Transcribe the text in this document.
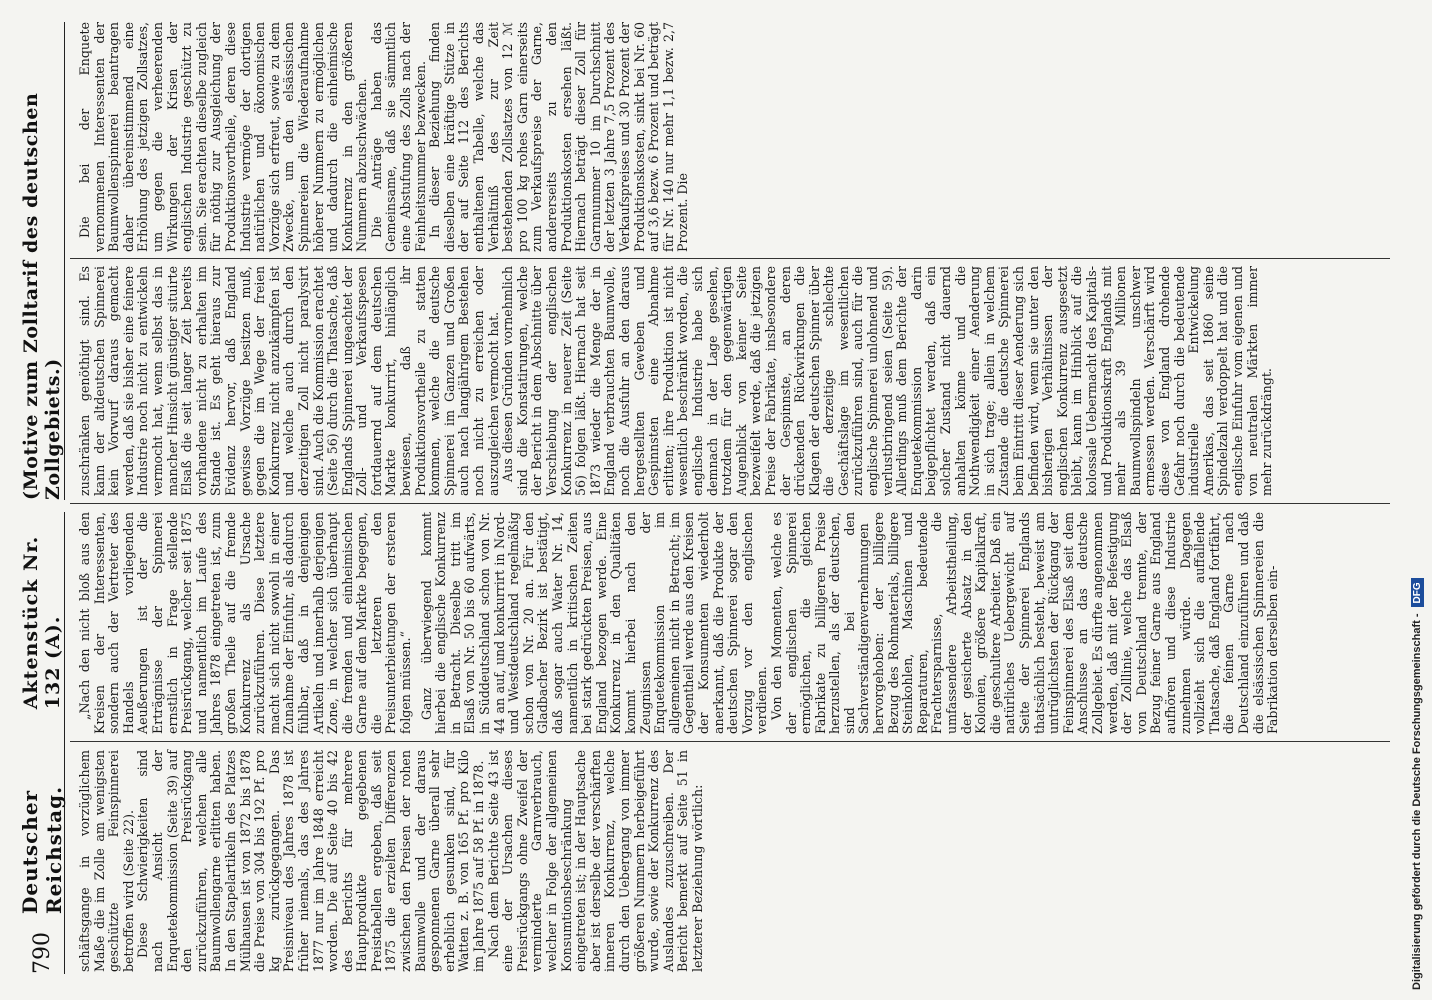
790
Deutscher Reichstag.
Aktenstück Nr. 132 (A).
(Motive zum Zolltarif des deutschen Zollgebiets.)

schäftsgange in vorzüglichem Maße die im Zolle am wenigsten geschützte Feinspinnerei betroffen wird (Seite 22). Diese Schwierigkeiten sind nach Ansicht der Enquetekommission (Seite 39) auf den Preisrückgang zurückzuführen, welchen alle Baumwollengarne erlitten haben. In den Stapelartikeln des Platzes Mülhausen ist von 1872 bis 1878 die Preise von 304 bis 192 Pf. pro kg zurückgegangen. Das Preisniveau des Jahres 1878 ist früher niemals, das des Jahres 1877 nur im Jahre 1848 erreicht worden. Die auf Seite 40 bis 42 des Berichts für mehrere Hauptprodukte gegebenen Preistabellen ergeben, daß seit 1875 die erzielten Differenzen zwischen den Preisen der rohen Baumwolle und der daraus gesponnenen Garne überall sehr erheblich gesunken sind, für Watten z. B. von 165 Pf. pro Kilo im Jahre 1875 auf 58 Pf. in 1878. Nach dem Berichte Seite 43 ist eine der Ursachen dieses Preisrückgangs ohne Zweifel der verminderte Garnverbrauch, welcher in Folge der allgemeinen Konsumtionsbeschränkung eingetreten ist; in der Hauptsache aber ist derselbe der verschärften inneren Konkurrenz, welche durch den Uebergang von immer größeren Nummern herbeigeführt wurde, sowie der Konkurrenz des Auslandes zuzuschreiben. Der Bericht bemerkt auf Seite 51 in letzterer Beziehung wörtlich:

„Nach den nicht bloß aus den Kreisen der Interessenten, sondern auch der Vertreter des Handels vorliegenden Aeußerungen ist der die Erträgnisse der Spinnerei ernstlich in Frage stellende Preisrückgang, welcher seit 1875 und namentlich im Laufe des Jahres 1878 eingetreten ist, zum großen Theile auf die fremde Konkurrenz als Ursache zurückzuführen. Diese letztere macht sich nicht sowohl in einer Zunahme der Einfuhr, als dadurch fühlbar, daß in denjenigen Artikeln und innerhalb derjenigen Zone, in welcher sich überhaupt die fremden und einheimischen Garne auf dem Markte begegnen, die letzteren den Preisunterbietungen der ersteren folgen müssen.“ Ganz überwiegend kommt hierbei die englische Konkurrenz in Betracht. Dieselbe tritt im Elsaß von Nr. 50 bis 60 aufwärts, in Süddeutschland schon von Nr. 44 an auf, und konkurrirt in Nord- und Westdeutschland regelmäßig schon von Nr. 20 an. Für den Gladbacher Bezirk ist bestätigt, daß sogar auch Water Nr. 14, namentlich in kritischen Zeiten bei stark gedrückten Preisen, aus England bezogen werde. Eine Konkurrenz in den Qualitäten kommt hierbei nach den Zeugnissen der Enquetekommission im allgemeinen nicht in Betracht; im Gegentheil werde aus den Kreisen der Konsumenten wiederholt anerkannt, daß die Produkte der deutschen Spinnerei sogar den Vorzug vor den englischen verdienen. Von den Momenten, welche es der englischen Spinnerei ermöglichen, die gleichen Fabrikate zu billigeren Preise herzustellen, als der deutschen, sind bei den Sachverständigenvernehmungen hervorgehoben: der billigere Bezug des Rohmaterials, billigere Steinkohlen, Maschinen und Reparaturen, bedeutende Frachtersparnisse, die umfassendere Arbeitstheilung, der gesicherte Absatz in den Kolonien, größere Kapitalkraft, die geschultere Arbeiter. Daß ein natürliches Uebergewicht auf Seite der Spinnerei Englands thatsächlich besteht, beweist am untrüglichsten der Rückgang der Feinspinnerei des Elsaß seit dem Anschlusse an das deutsche Zollgebiet. Es dürfte angenommen werden, daß mit der Befestigung der Zolllinie, welche das Elsaß von Deutschland trennte, der Bezug feiner Garne aus England aufhören und diese Industrie zunehmen würde. Dagegen vollzieht sich die auffallende Thatsache, daß England fortfährt, die feinen Garne nach Deutschland einzuführen und daß die elsässischen Spinnereien die Fabrikation derselben ein-

zuschränken genöthigt sind. Es kann der altdeutschen Spinnerei kein Vorwurf daraus gemacht werden, daß sie bisher eine feinere Industrie noch nicht zu entwickeln vermocht hat, wenn selbst das in mancher Hinsicht günstiger situirte Elsaß die seit langer Zeit bereits vorhandene nicht zu erhalten im Stande ist. Es geht hieraus zur Evidenz hervor, daß England gewisse Vorzüge besitzen muß, gegen die im Wege der freien Konkurrenz nicht anzukämpfen ist und welche auch durch den derzeitigen Zoll nicht paralysirt sind. Auch die Kommission erachtet (Seite 56) durch die Thatsache, daß Englands Spinnerei ungeachtet der Zoll- und Verkaufsspesen fortdauernd auf dem deutschen Markte konkurrirt, hinlänglich bewiesen, daß ihr Produktionsvortheile zu statten kommen, welche die deutsche Spinnerei im Ganzen und Großen auch nach langjährigem Bestehen noch nicht zu erreichen oder auszugleichen vermocht hat. Aus diesen Gründen vornehmlich sind die Konstatirungen, welche der Bericht in dem Abschnitte über Verschiebung der englischen Konkurrenz in neuerer Zeit (Seite 56) folgen läßt. Hiernach hat seit 1873 wieder die Menge der in England verbrauchten Baumwolle, noch die Ausfuhr an den daraus hergestellten Geweben und Gespinnsten eine Abnahme erlitten; ihre Produktion ist nicht wesentlich beschränkt worden, die englische Industrie habe sich demnach in der Lage gesehen, trotzdem für den gegenwärtigen Augenblick von keiner Seite bezweifelt werde, daß die jetzigen Preise der Fabrikate, insbesondere der Gespinnste, an deren drückenden Rückwirkungen die Klagen der deutschen Spinner über die derzeitige schlechte Geschäftslage im wesentlichen zurückzuführen sind, auch für die englische Spinnerei unlohnend und verlustbringend seien (Seite 59). Allerdings muß dem Berichte der Enquetekommission darin beigepflichtet werden, daß ein solcher Zustand nicht dauernd anhalten könne und die Nothwendigkeit einer Aenderung in sich trage; allein in welchem Zustande die deutsche Spinnerei beim Eintritt dieser Aenderung sich befinden wird, wenn sie unter den bisherigen Verhältnissen der englischen Konkurrenz ausgesetzt bleibt, kann im Hinblick auf die kolossale Uebermacht des Kapitals- und Produktionskraft Englands mit mehr als 39 Millionen Baumwollspindeln unschwer ermessen werden. Verschärft wird diese von England drohende Gefahr noch durch die bedeutende industrielle Entwickelung Amerikas, das seit 1860 seine Spindelzahl verdoppelt hat und die englische Einfuhr vom eigenen und von neutralen Märkten immer mehr zurückdrängt.

Die bei der Enquete vernommenen Interessenten der Baumwollenspinnerei beantragen daher übereinstimmend eine Erhöhung des jetzigen Zollsatzes, um gegen die verheerenden Wirkungen der Krisen der englischen Industrie geschützt zu sein. Sie erachten dieselbe zugleich für nöthig zur Ausgleichung der Produktionsvortheile, deren diese Industrie vermöge der dortigen natürlichen und ökonomischen Vorzüge sich erfreut, sowie zu dem Zwecke, um den elsässischen Spinnereien die Wiederaufnahme höherer Nummern zu ermöglichen und dadurch die einheimische Konkurrenz in den größeren Nummern abzuschwächen. Die Anträge haben das Gemeinsame, daß sie sämmtlich eine Abstufung des Zolls nach der Feinheitsnummer bezwecken. In dieser Beziehung finden dieselben eine kräftige Stütze in der auf Seite 112 des Berichts enthaltenen Tabelle, welche das Verhältniß des zur Zeit bestehenden Zollsatzes von 12 ℳ pro 100 kg rohes Garn einerseits zum Verkaufspreise der Garne, andererseits zu den Produktionskosten ersehen läßt. Hiernach beträgt dieser Zoll für Garnnummer 10 im Durchschnitt der letzten 3 Jahre 7,5 Prozent des Verkaufspreises und 30 Prozent der Produktionskosten, sinkt bei Nr. 60 auf 3,6 bezw. 6 Prozent und beträgt für Nr. 140 nur mehr 1,1 bezw. 2,7 Prozent. Die

Digitalisierung gefördert durch die Deutsche Forschungsgemeinschaft -
DFG
